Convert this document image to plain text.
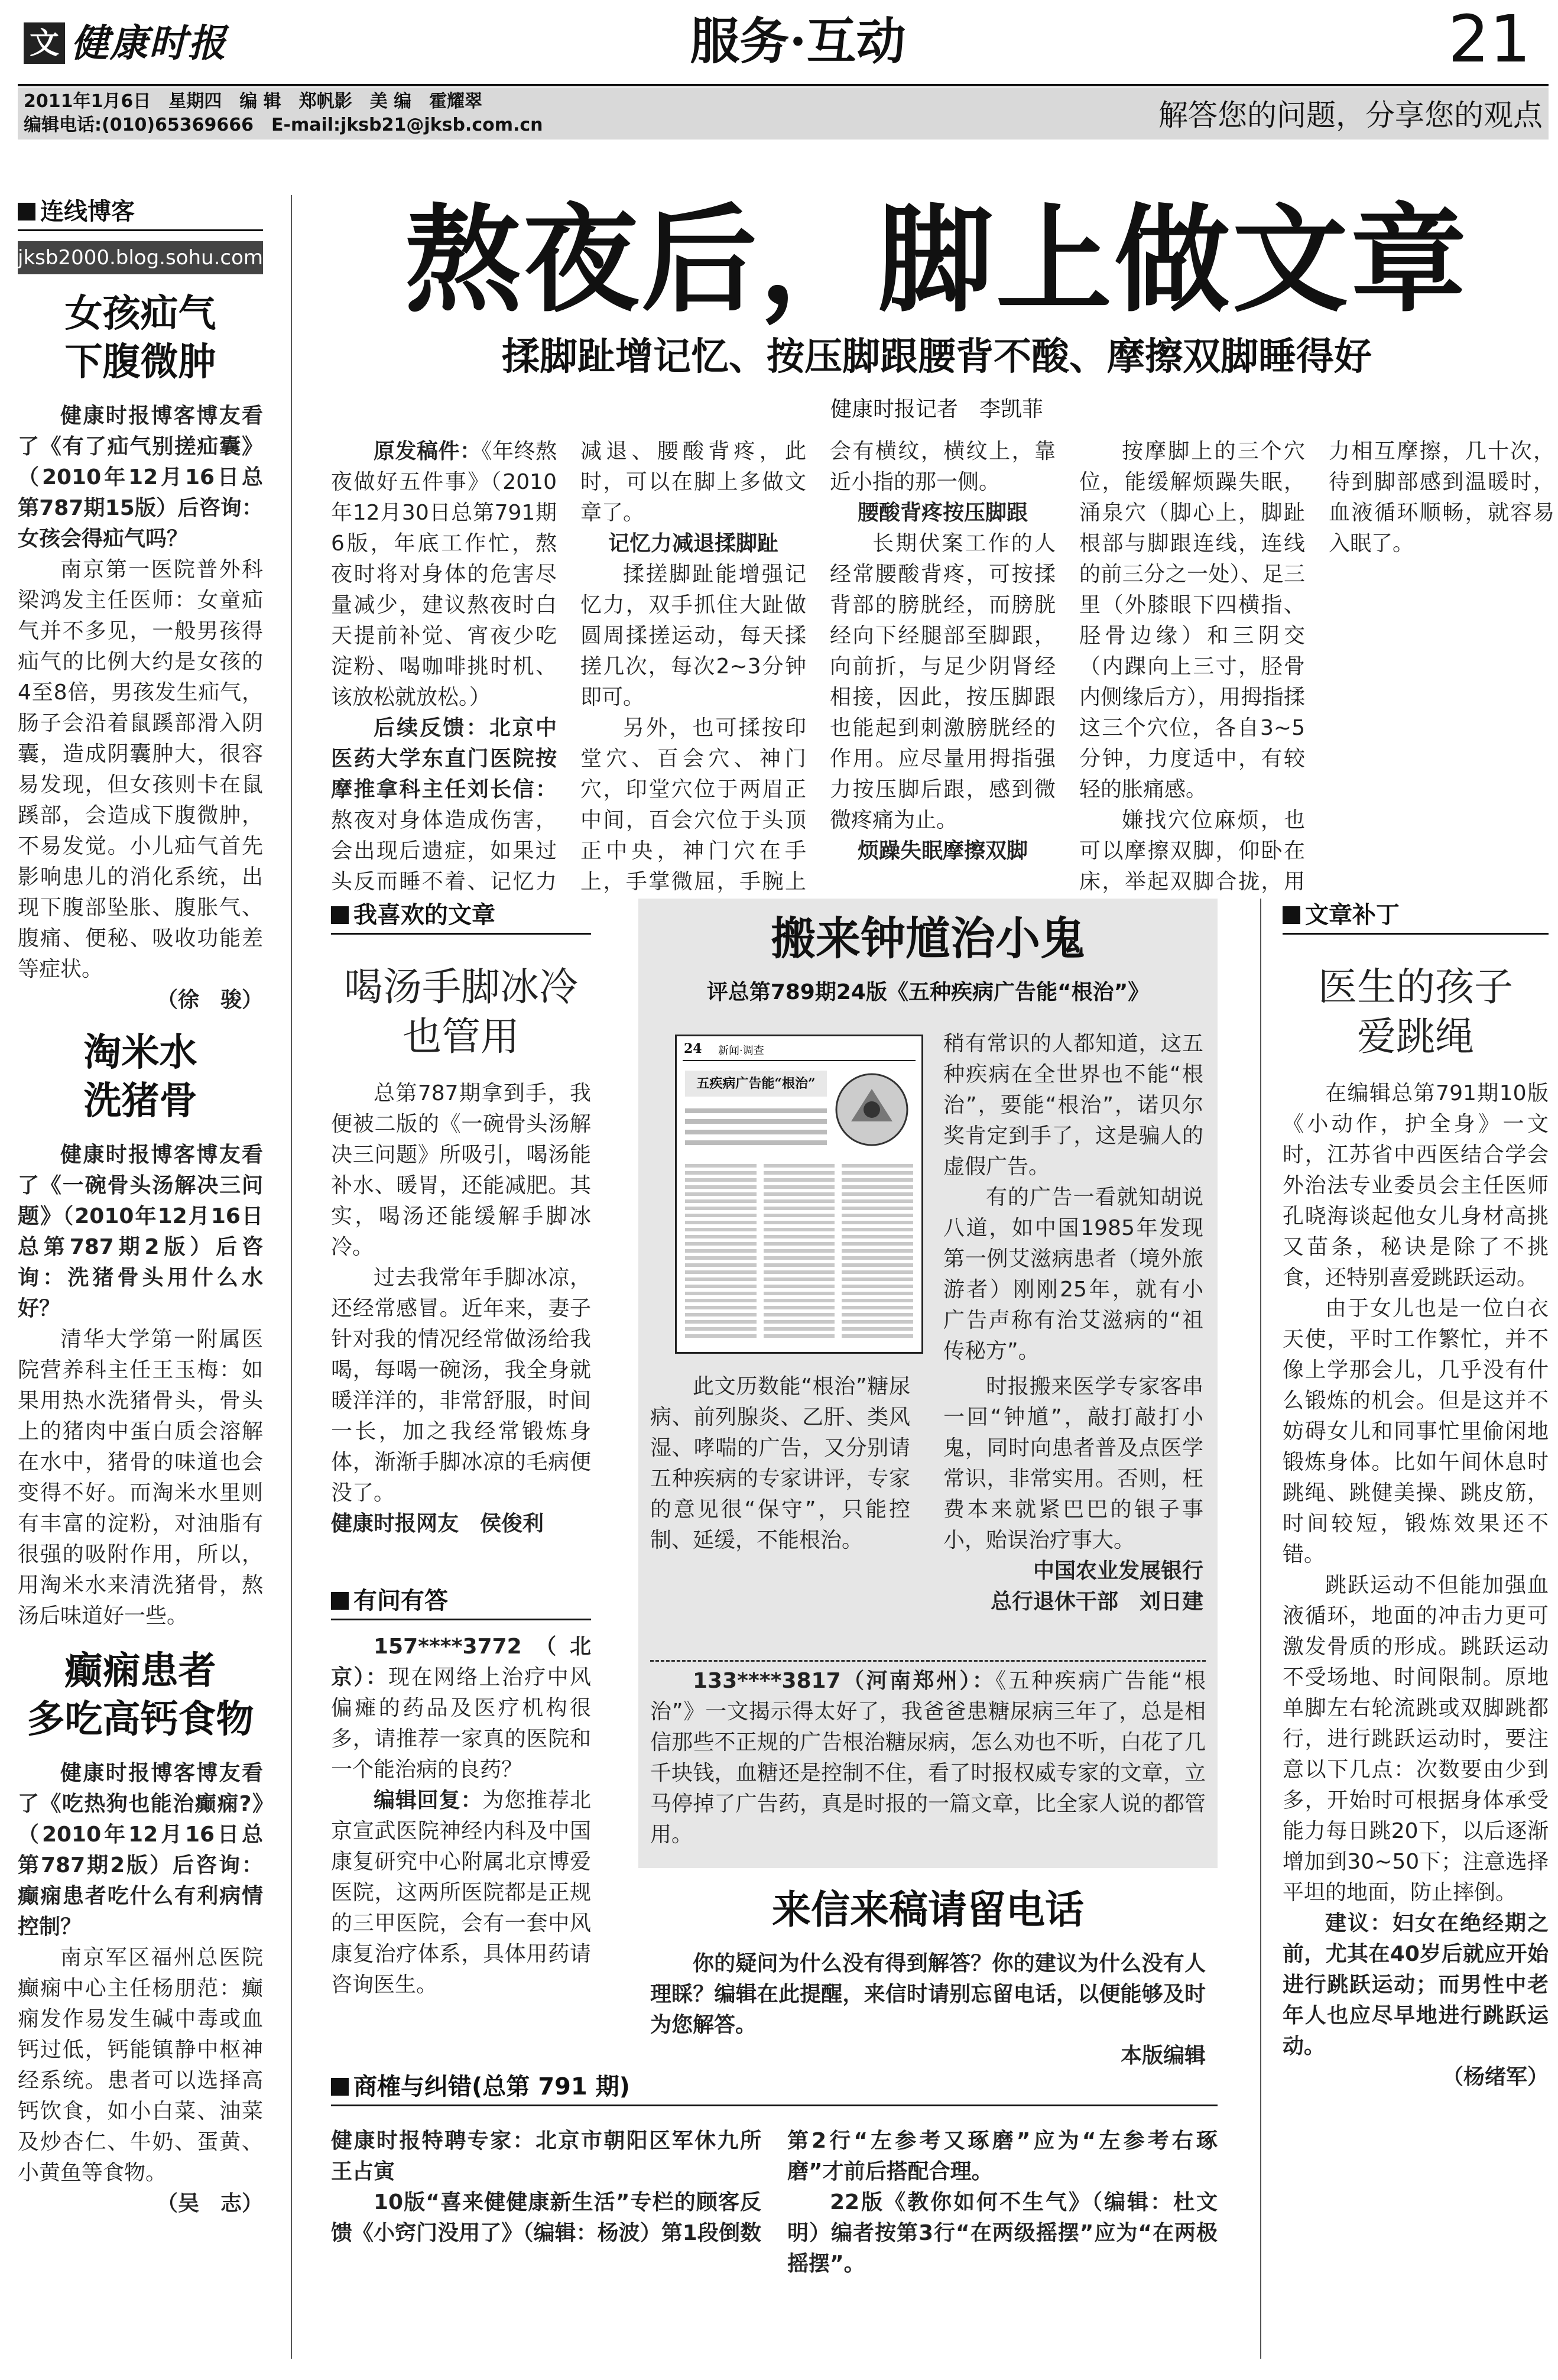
文 健康时报	服务·互动	21
2011年1月6日　星期四　编 辑　郑帆影　美 编　霍耀翠
编辑电话:(010)65369666　E-mail:jksb21@jksb.com.cn	解答您的问题，分享您的观点
连线博客
jksb2000.blog.sohu.com
女孩疝气
下腹微肿

健康时报博客博友看了《有了疝气别搓疝囊》（2010年12月16日总第787期15版）后咨询：女孩会得疝气吗？

南京第一医院普外科梁鸿发主任医师：女童疝气并不多见，一般男孩得疝气的比例大约是女孩的4至8倍，男孩发生疝气，肠子会沿着鼠蹊部滑入阴囊，造成阴囊肿大，很容易发现，但女孩则卡在鼠蹊部，会造成下腹微肿，不易发觉。小儿疝气首先影响患儿的消化系统，出现下腹部坠胀、腹胀气、腹痛、便秘、吸收功能差等症状。

（徐　骏）

淘米水
洗猪骨

健康时报博客博友看了《一碗骨头汤解决三问题》（2010年12月16日总第787期2版）后咨询：洗猪骨头用什么水好？

清华大学第一附属医院营养科主任王玉梅：如果用热水洗猪骨头，骨头上的猪肉中蛋白质会溶解在水中，猪骨的味道也会变得不好。而淘米水里则有丰富的淀粉，对油脂有很强的吸附作用，所以，用淘米水来清洗猪骨，熬汤后味道好一些。

癫痫患者
多吃高钙食物

健康时报博客博友看了《吃热狗也能治癫痫?》（2010年12月16日总第787期2版）后咨询：癫痫患者吃什么有利病情控制？

南京军区福州总医院癫痫中心主任杨朋范：癫痫发作易发生碱中毒或血钙过低，钙能镇静中枢神经系统。患者可以选择高钙饮食，如小白菜、油菜及炒杏仁、牛奶、蛋黄、小黄鱼等食物。

（吴　志）

熬夜后，脚上做文章
揉脚趾增记忆、按压脚跟腰背不酸、摩擦双脚睡得好
健康时报记者　李凯菲

原发稿件：《年终熬夜做好五件事》（2010年12月30日总第791期6版，年底工作忙，熬夜时将对身体的危害尽量减少，建议熬夜时白天提前补觉、宵夜少吃淀粉、喝咖啡挑时机、该放松就放松。）

后续反馈：北京中医药大学东直门医院按摩推拿科主任刘长信：熬夜对身体造成伤害，会出现后遗症，如果过头反而睡不着、记忆力减退、腰酸背疼，此时，可以在脚上多做文章了。

记忆力减退揉脚趾

揉搓脚趾能增强记忆力，双手抓住大趾做圆周揉搓运动，每天揉搓几次，每次2~3分钟即可。

另外，也可揉按印堂穴、百会穴、神门穴，印堂穴位于两眉正中间，百会穴位于头顶正中央，神门穴在手上，手掌微屈，手腕上会有横纹，横纹上，靠近小指的那一侧。

腰酸背疼按压脚跟

长期伏案工作的人经常腰酸背疼，可按揉背部的膀胱经，而膀胱经向下经腿部至脚跟，向前折，与足少阴肾经相接，因此，按压脚跟也能起到刺激膀胱经的作用。应尽量用拇指强力按压脚后跟，感到微微疼痛为止。

烦躁失眠摩擦双脚

按摩脚上的三个穴位，能缓解烦躁失眠，涌泉穴（脚心上，脚趾根部与脚跟连线，连线的前三分之一处）、足三里（外膝眼下四横指、胫骨边缘）和三阴交（内踝向上三寸，胫骨内侧缘后方），用拇指揉这三个穴位，各自3~5分钟，力度适中，有较轻的胀痛感。

嫌找穴位麻烦，也可以摩擦双脚，仰卧在床，举起双脚合拢，用力相互摩擦，几十次，待到脚部感到温暖时，血液循环顺畅，就容易入眠了。

我喜欢的文章
喝汤手脚冰冷
也管用

总第787期拿到手，我便被二版的《一碗骨头汤解决三问题》所吸引，喝汤能补水、暖胃，还能减肥。其实，喝汤还能缓解手脚冰冷。

过去我常年手脚冰凉，还经常感冒。近年来，妻子针对我的情况经常做汤给我喝，每喝一碗汤，我全身就暖洋洋的，非常舒服，时间一长，加之我经常锻炼身体，渐渐手脚冰凉的毛病便没了。

健康时报网友　侯俊利

有问有答

157****3772（北京）：现在网络上治疗中风偏瘫的药品及医疗机构很多，请推荐一家真的医院和一个能治病的良药？

编辑回复：为您推荐北京宣武医院神经内科及中国康复研究中心附属北京博爱医院，这两所医院都是正规的三甲医院，会有一套中风康复治疗体系，具体用药请咨询医生。

搬来钟馗治小鬼
评总第789期24版《五种疾病广告能“根治”》
24 新闻·调查
五疾病广告能“根治”

稍有常识的人都知道，这五种疾病在全世界也不能“根治”，要能“根治”，诺贝尔奖肯定到手了，这是骗人的虚假广告。

有的广告一看就知胡说八道，如中国1985年发现第一例艾滋病患者（境外旅游者）刚刚25年，就有小广告声称有治艾滋病的“祖传秘方”。

此文历数能“根治”糖尿病、前列腺炎、乙肝、类风湿、哮喘的广告，又分别请五种疾病的专家讲评，专家的意见很“保守”，只能控制、延缓，不能根治。

时报搬来医学专家客串一回“钟馗”，敲打敲打小鬼，同时向患者普及点医学常识，非常实用。否则，枉费本来就紧巴巴的银子事小，贻误治疗事大。

中国农业发展银行

总行退休干部　刘日建

133****3817（河南郑州）：《五种疾病广告能“根治”》一文揭示得太好了，我爸爸患糖尿病三年了，总是相信那些不正规的广告根治糖尿病，怎么劝也不听，白花了几千块钱，血糖还是控制不住，看了时报权威专家的文章，立马停掉了广告药，真是时报的一篇文章，比全家人说的都管用。

来信来稿请留电话

你的疑问为什么没有得到解答？你的建议为什么没有人理睬？编辑在此提醒，来信时请别忘留电话，以便能够及时为您解答。

本版编辑

商榷与纠错(总第 791 期)

健康时报特聘专家：北京市朝阳区军休九所　王占寅

10版“喜来健健康新生活”专栏的顾客反馈《小窍门没用了》（编辑：杨波）第1段倒数第2行“左参考又琢磨”应为“左参考右琢磨”才前后搭配合理。

22版《教你如何不生气》（编辑：杜文明）编者按第3行“在两级摇摆”应为“在两极摇摆”。

文章补丁
医生的孩子
爱跳绳

在编辑总第791期10版《小动作，护全身》一文时，江苏省中西医结合学会外治法专业委员会主任医师孔晓海谈起他女儿身材高挑又苗条，秘诀是除了不挑食，还特别喜爱跳跃运动。

由于女儿也是一位白衣天使，平时工作繁忙，并不像上学那会儿，几乎没有什么锻炼的机会。但是这并不妨碍女儿和同事忙里偷闲地锻炼身体。比如午间休息时跳绳、跳健美操、跳皮筋，时间较短，锻炼效果还不错。

跳跃运动不但能加强血液循环，地面的冲击力更可激发骨质的形成。跳跃运动不受场地、时间限制。原地单脚左右轮流跳或双脚跳都行，进行跳跃运动时，要注意以下几点：次数要由少到多，开始时可根据身体承受能力每日跳20下，以后逐渐增加到30~50下；注意选择平坦的地面，防止摔倒。

建议：妇女在绝经期之前，尤其在40岁后就应开始进行跳跃运动；而男性中老年人也应尽早地进行跳跃运动。

（杨绪军）
